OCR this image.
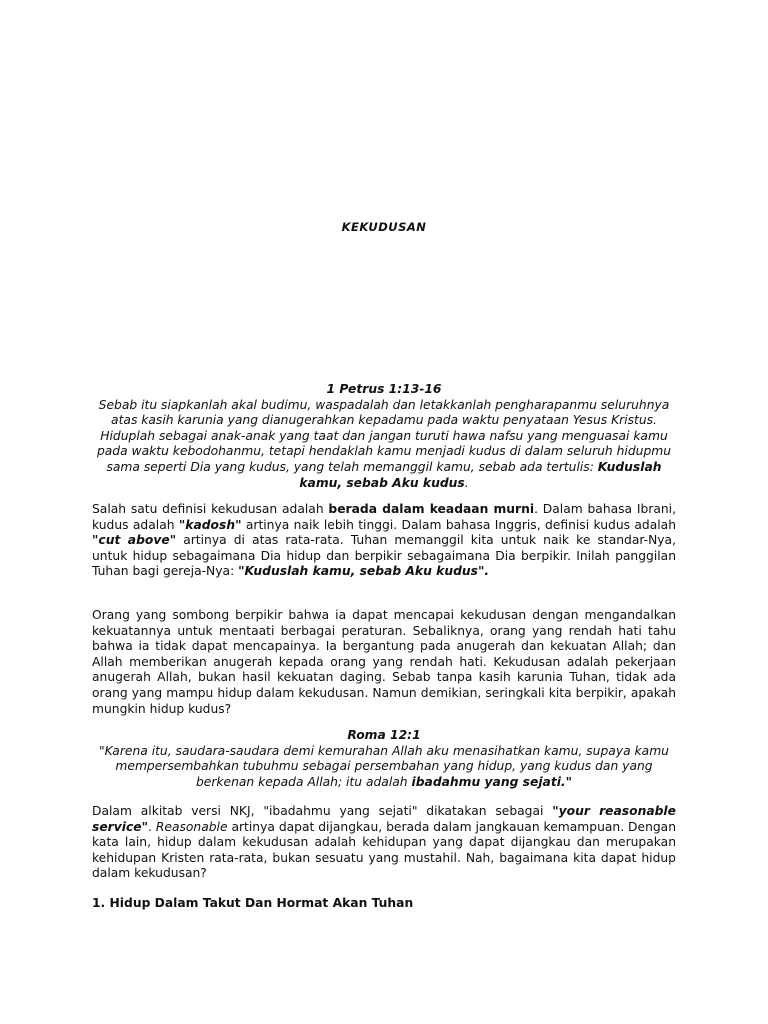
KEKUDUSAN
1 Petrus 1:13-16
Sebab itu siapkanlah akal budimu, waspadalah dan letakkanlah pengharapanmu seluruhnya atas kasih karunia yang dianugerahkan kepadamu pada waktu penyataan Yesus Kristus. Hiduplah sebagai anak-anak yang taat dan jangan turuti hawa nafsu yang menguasai kamu pada waktu kebodohanmu, tetapi hendaklah kamu menjadi kudus di dalam seluruh hidupmu sama seperti Dia yang kudus, yang telah memanggil kamu, sebab ada tertulis: Kuduslah kamu, sebab Aku kudus.

Salah satu definisi kekudusan adalah berada dalam keadaan murni. Dalam bahasa Ibrani, kudus adalah "kadosh" artinya naik lebih tinggi. Dalam bahasa Inggris, definisi kudus adalah "cut above" artinya di atas rata-rata. Tuhan memanggil kita untuk naik ke standar-Nya, untuk hidup sebagaimana Dia hidup dan berpikir sebagaimana Dia berpikir. Inilah panggilan Tuhan bagi gereja-Nya: "Kuduslah kamu, sebab Aku kudus".

Orang yang sombong berpikir bahwa ia dapat mencapai kekudusan dengan mengandalkan kekuatannya untuk mentaati berbagai peraturan. Sebaliknya, orang yang rendah hati tahu bahwa ia tidak dapat mencapainya. Ia bergantung pada anugerah dan kekuatan Allah; dan Allah memberikan anugerah kepada orang yang rendah hati. Kekudusan adalah pekerjaan anugerah Allah, bukan hasil kekuatan daging. Sebab tanpa kasih karunia Tuhan, tidak ada orang yang mampu hidup dalam kekudusan. Namun demikian, seringkali kita berpikir, apakah mungkin hidup kudus?

Roma 12:1
"Karena itu, saudara-saudara demi kemurahan Allah aku menasihatkan kamu, supaya kamu mempersembahkan tubuhmu sebagai persembahan yang hidup, yang kudus dan yang berkenan kepada Allah; itu adalah ibadahmu yang sejati."

Dalam alkitab versi NKJ, "ibadahmu yang sejati" dikatakan sebagai "your reasonable service". Reasonable artinya dapat dijangkau, berada dalam jangkauan kemampuan. Dengan kata lain, hidup dalam kekudusan adalah kehidupan yang dapat dijangkau dan merupakan kehidupan Kristen rata-rata, bukan sesuatu yang mustahil. Nah, bagaimana kita dapat hidup dalam kekudusan?

1. Hidup Dalam Takut Dan Hormat Akan Tuhan
